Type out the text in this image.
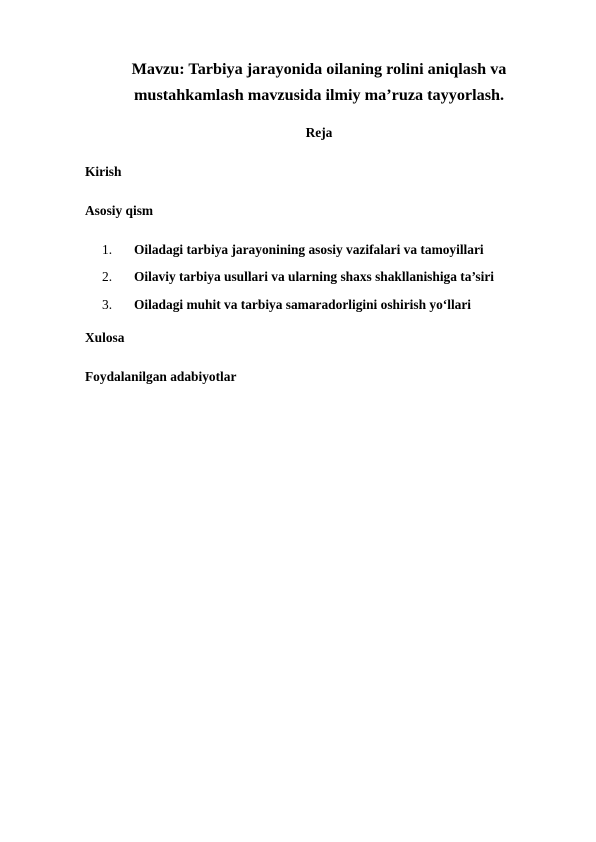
Mavzu: Tarbiya jarayonida oilaning rolini aniqlash va
mustahkamlash mavzusida ilmiy ma’ruza tayyorlash.
Reja
Kirish
Asosiy qism
1. Oiladagi tarbiya jarayonining asosiy vazifalari va tamoyillari
2. Oilaviy tarbiya usullari va ularning shaxs shakllanishiga ta’siri
3. Oiladagi muhit va tarbiya samaradorligini oshirish yo‘llari
Xulosa
Foydalanilgan adabiyotlar
